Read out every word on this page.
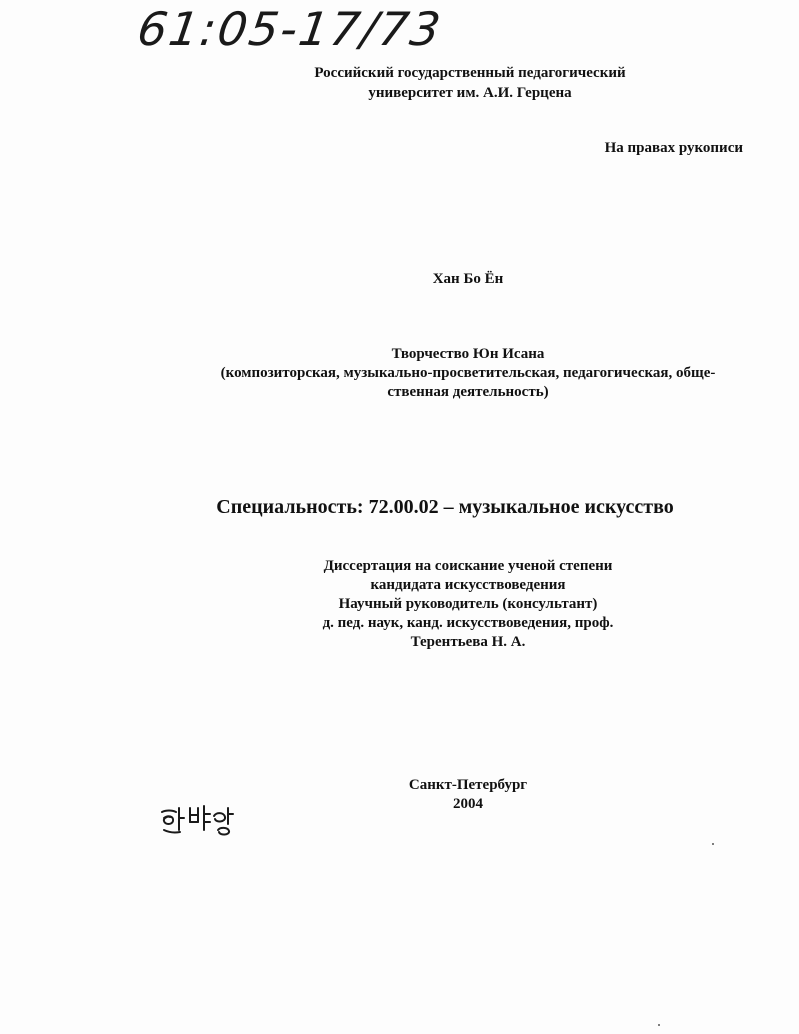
61:05-17/73
Российский государственный педагогический
университет им. А.И. Герцена
На правах рукописи
Хан Бо Ён
Творчество Юн Исана
(композиторская, музыкально-просветительская, педагогическая, обще-
ственная деятельность)
Специальность: 72.00.02 – музыкальное искусство
Диссертация на соискание ученой степени
кандидата искусствоведения
Научный руководитель (консультант)
д. пед. наук, канд. искусствоведения, проф.
Терентьева Н. А.
Санкт-Петербург
2004
